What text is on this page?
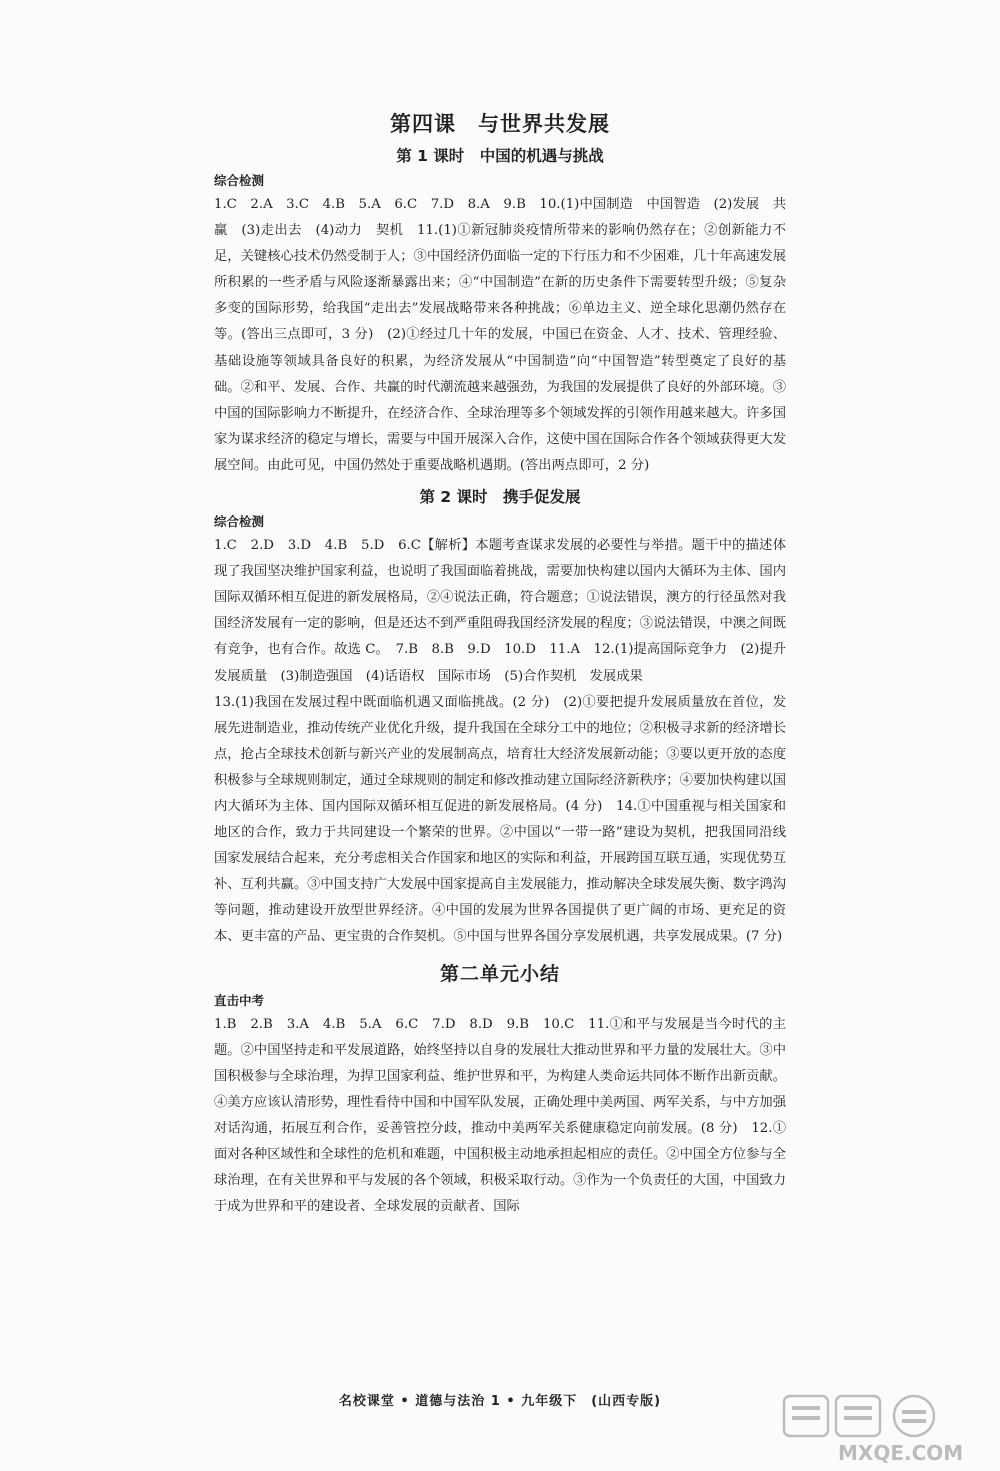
第四课　与世界共发展
第 1 课时　中国的机遇与挑战
综合检测

1.C　2.A　3.C　4.B　5.A　6.C　7.D　8.A　9.B　10.(1)中国制造　中国智造　(2)发展　共赢　(3)走出去　(4)动力　契机　11.(1)①新冠肺炎疫情所带来的影响仍然存在；②创新能力不足，关键核心技术仍然受制于人；③中国经济仍面临一定的下行压力和不少困难，几十年高速发展所积累的一些矛盾与风险逐渐暴露出来；④“中国制造”在新的历史条件下需要转型升级；⑤复杂多变的国际形势，给我国“走出去”发展战略带来各种挑战；⑥单边主义、逆全球化思潮仍然存在等。(答出三点即可，3 分)　(2)①经过几十年的发展，中国已在资金、人才、技术、管理经验、基础设施等领域具备良好的积累，为经济发展从“中国制造”向“中国智造”转型奠定了良好的基础。②和平、发展、合作、共赢的时代潮流越来越强劲，为我国的发展提供了良好的外部环境。③中国的国际影响力不断提升，在经济合作、全球治理等多个领域发挥的引领作用越来越大。许多国家为谋求经济的稳定与增长，需要与中国开展深入合作，这使中国在国际合作各个领域获得更大发展空间。由此可见，中国仍然处于重要战略机遇期。(答出两点即可，2 分)

第 2 课时　携手促发展
综合检测

1.C　2.D　3.D　4.B　5.D　6.C【解析】本题考查谋求发展的必要性与举措。题干中的描述体现了我国坚决维护国家利益，也说明了我国面临着挑战，需要加快构建以国内大循环为主体、国内国际双循环相互促进的新发展格局，②④说法正确，符合题意；①说法错误，澳方的行径虽然对我国经济发展有一定的影响，但是还达不到严重阻碍我国经济发展的程度；③说法错误，中澳之间既有竞争，也有合作。故选 C。　7.B　8.B　9.D　10.D　11.A　12.(1)提高国际竞争力　(2)提升发展质量　(3)制造强国　(4)话语权　国际市场　(5)合作契机　发展成果

13.(1)我国在发展过程中既面临机遇又面临挑战。(2 分)　(2)①要把提升发展质量放在首位，发展先进制造业，推动传统产业优化升级，提升我国在全球分工中的地位；②积极寻求新的经济增长点，抢占全球技术创新与新兴产业的发展制高点，培育壮大经济发展新动能；③要以更开放的态度积极参与全球规则制定，通过全球规则的制定和修改推动建立国际经济新秩序；④要加快构建以国内大循环为主体、国内国际双循环相互促进的新发展格局。(4 分)　14.①中国重视与相关国家和地区的合作，致力于共同建设一个繁荣的世界。②中国以“一带一路”建设为契机，把我国同沿线国家发展结合起来，充分考虑相关合作国家和地区的实际和利益，开展跨国互联互通，实现优势互补、互利共赢。③中国支持广大发展中国家提高自主发展能力，推动解决全球发展失衡、数字鸿沟等问题，推动建设开放型世界经济。④中国的发展为世界各国提供了更广阔的市场、更充足的资本、更丰富的产品、更宝贵的合作契机。⑤中国与世界各国分享发展机遇，共享发展成果。(7 分)

第二单元小结
直击中考

1.B　2.B　3.A　4.B　5.A　6.C　7.D　8.D　9.B　10.C　11.①和平与发展是当今时代的主题。②中国坚持走和平发展道路，始终坚持以自身的发展壮大推动世界和平力量的发展壮大。③中国积极参与全球治理，为捍卫国家利益、维护世界和平，为构建人类命运共同体不断作出新贡献。④美方应该认清形势，理性看待中国和中国军队发展，正确处理中美两国、两军关系，与中方加强对话沟通，拓展互利合作，妥善管控分歧，推动中美两军关系健康稳定向前发展。(8 分)　12.①面对各种区域性和全球性的危机和难题，中国积极主动地承担起相应的责任。②中国全方位参与全球治理，在有关世界和平与发展的各个领域，积极采取行动。③作为一个负责任的大国，中国致力于成为世界和平的建设者、全球发展的贡献者、国际

名校课堂 • 道德与法治 1 • 九年级下　(山西专版)
MXQE.COM
